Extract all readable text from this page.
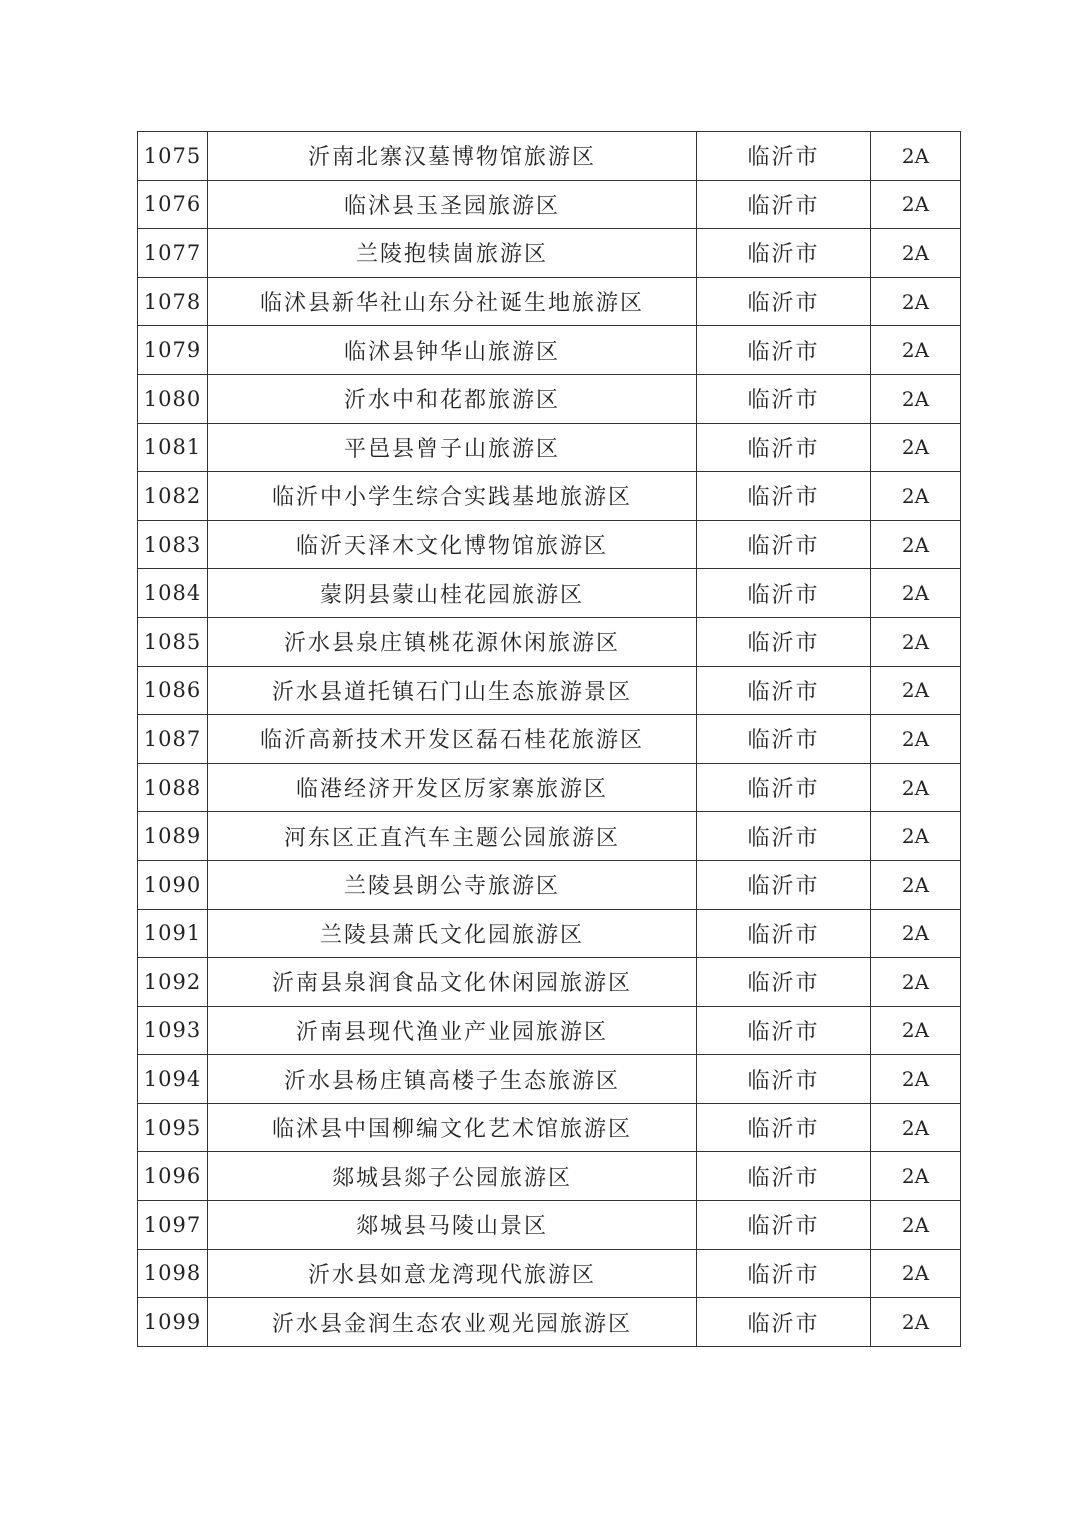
1075	沂南北寨汉墓博物馆旅游区	临沂市	2A
1076	临沭县玉圣园旅游区	临沂市	2A
1077	兰陵抱犊崮旅游区	临沂市	2A
1078	临沭县新华社山东分社诞生地旅游区	临沂市	2A
1079	临沭县钟华山旅游区	临沂市	2A
1080	沂水中和花都旅游区	临沂市	2A
1081	平邑县曾子山旅游区	临沂市	2A
1082	临沂中小学生综合实践基地旅游区	临沂市	2A
1083	临沂天泽木文化博物馆旅游区	临沂市	2A
1084	蒙阴县蒙山桂花园旅游区	临沂市	2A
1085	沂水县泉庄镇桃花源休闲旅游区	临沂市	2A
1086	沂水县道托镇石门山生态旅游景区	临沂市	2A
1087	临沂高新技术开发区磊石桂花旅游区	临沂市	2A
1088	临港经济开发区厉家寨旅游区	临沂市	2A
1089	河东区正直汽车主题公园旅游区	临沂市	2A
1090	兰陵县朗公寺旅游区	临沂市	2A
1091	兰陵县萧氏文化园旅游区	临沂市	2A
1092	沂南县泉润食品文化休闲园旅游区	临沂市	2A
1093	沂南县现代渔业产业园旅游区	临沂市	2A
1094	沂水县杨庄镇高楼子生态旅游区	临沂市	2A
1095	临沭县中国柳编文化艺术馆旅游区	临沂市	2A
1096	郯城县郯子公园旅游区	临沂市	2A
1097	郯城县马陵山景区	临沂市	2A
1098	沂水县如意龙湾现代旅游区	临沂市	2A
1099	沂水县金润生态农业观光园旅游区	临沂市	2A
